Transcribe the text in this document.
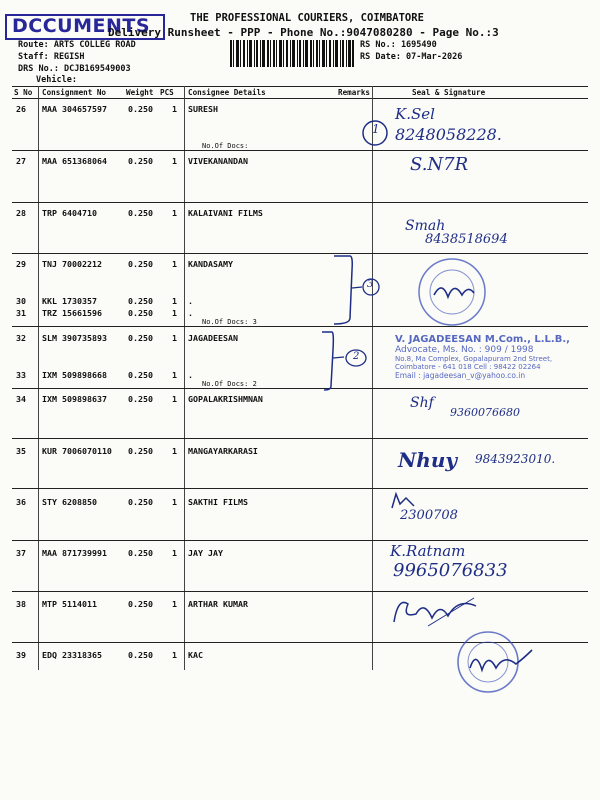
DCCUMENTS	THE PROFESSIONAL COURIERS, COIMBATORE
Delivery Runsheet - PPP - Phone No.:9047080280 - Page No.:3
Route: ARTS COLLEG ROAD
Staff: REGISH
DRS No.: DCJB169549003
Vehicle:
RS No.: 1695490
RS Date: 07-Mar-2026
S No Consignment No	Weight PCS Consignee Details	Remarks	Seal & Signature
26 MAA 304657597	0.250 1 SURESH
No.Of Docs:
27 MAA 651368064	0.250 1 VIVEKANANDAN
28 TRP 6404710	0.250 1 KALAIVANI FILMS
29 TNJ 70002212	0.250 1 KANDASAMY
30 KKL 1730357	0.250 1 .
31 TRZ 15661596	0.250 1 .
No.Of Docs: 3
32 SLM 390735893	0.250 1 JAGADEESAN
33 IXM 509898668	0.250 1 .
No.Of Docs: 2
34 IXM 509898637	0.250 1 GOPALAKRISHMNAN
35 KUR 7006070110 0.250 1 MANGAYARKARASI
36 STY 6208850	0.250 1 SAKTHI FILMS
37 MAA 871739991	0.250 1 JAY JAY
38 MTP 5114011	0.250 1 ARTHAR KUMAR
39 EDQ 23318365	0.250 1 KAC
3
2
1
K.Sel
8248058228.
S.N7R
Smah
8438518694
V. JAGADEESAN M.Com., L.L.B.,
Advocate, Ms. No. : 909 / 1998
No.8, Ma Complex, Gopalapuram 2nd Street,
Coimbatore - 641 018 Cell : 98422 02264
Email : jagadeesan_v@yahoo.co.in
Shf
9360076680
Nhuy 9843923010.
2300708
K.Ratnam
9965076833
